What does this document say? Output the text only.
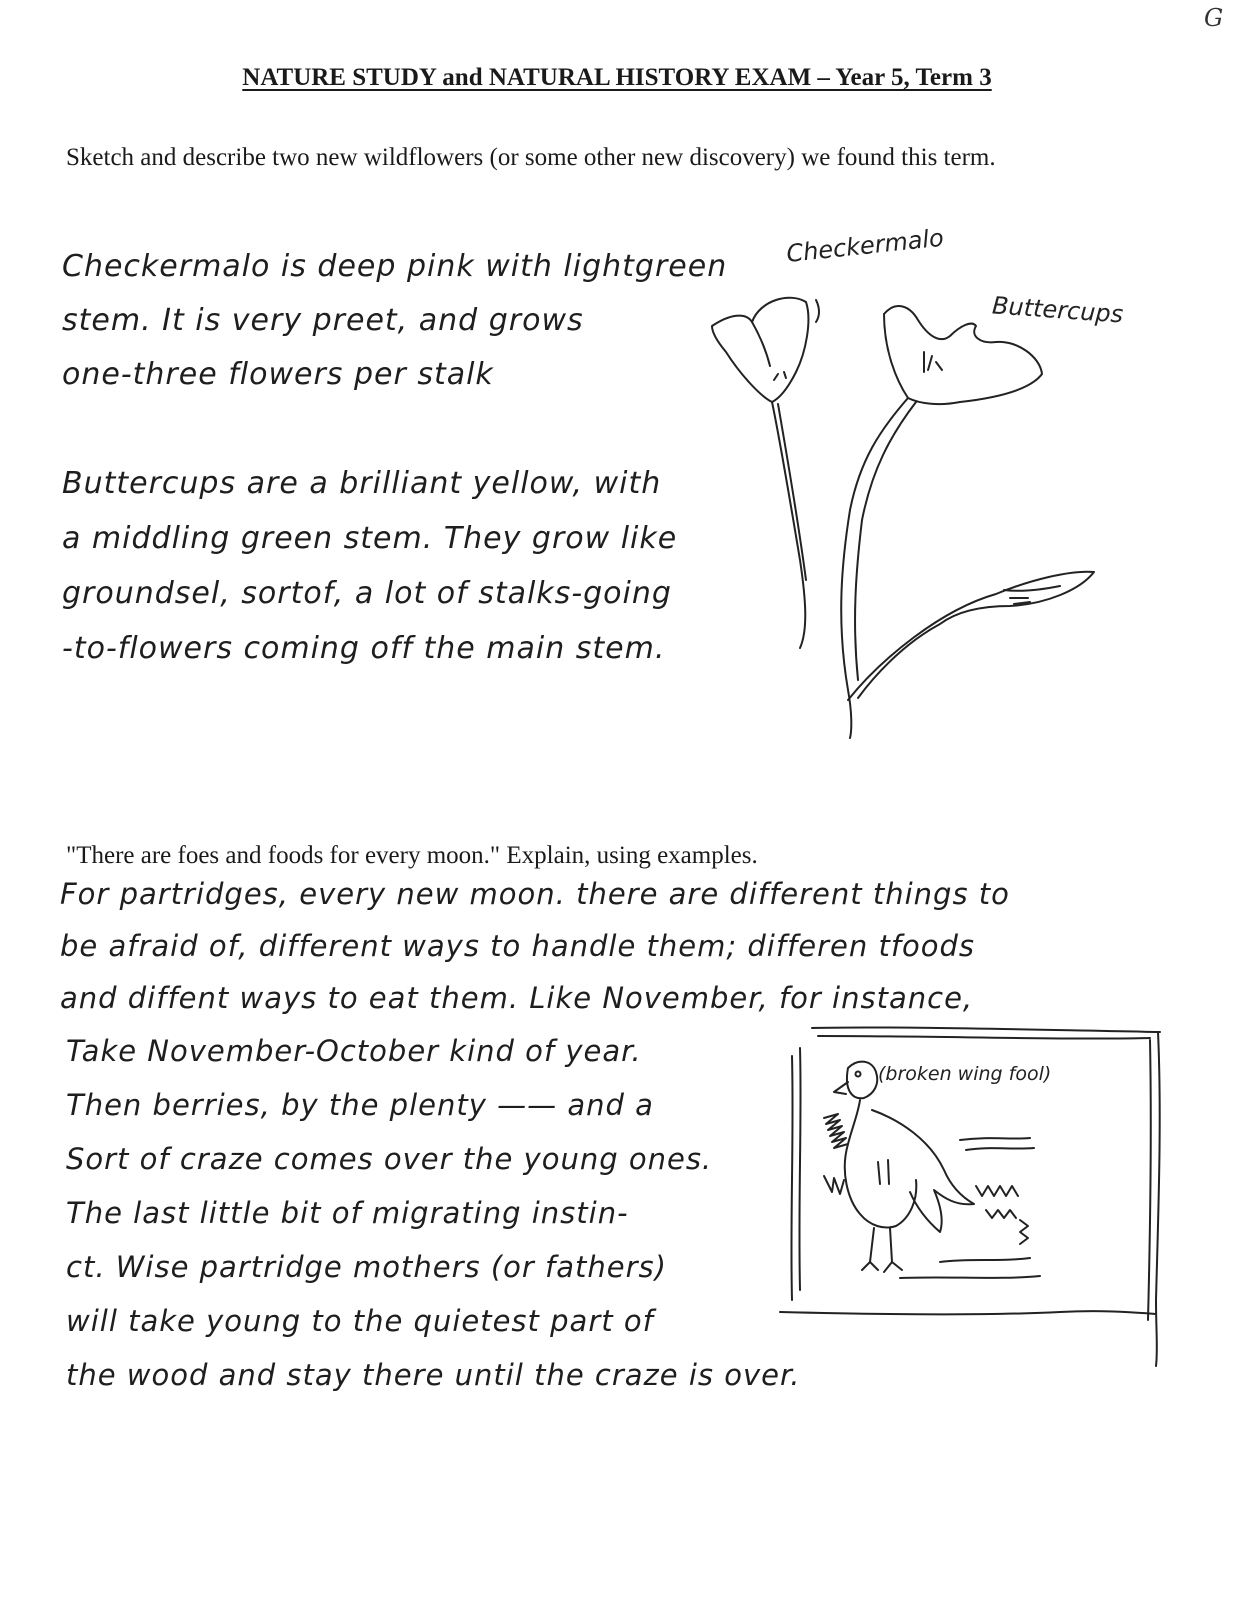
G
NATURE STUDY and NATURAL HISTORY EXAM – Year 5, Term 3
Sketch and describe two new wildflowers (or some other new discovery) we found this term.
Checkermalo is deep pink with lightgreen
stem. It is very preet, and grows
one-three flowers per stalk
Buttercups are a brilliant yellow, with
a middling green stem. They grow like
groundsel, sortof, a lot of stalks-going
-to-flowers coming off the main stem.
Checkermalo
Buttercups
"There are foes and foods for every moon." Explain, using examples.
For partridges, every new moon. there are different things to
be afraid of, different ways to handle them; differen tfoods
and diffent ways to eat them. Like November, for instance,
Take November-October kind of year.
Then berries, by the plenty —— and a
Sort of craze comes over the young ones.
The last little bit of migrating instin-
ct. Wise partridge mothers (or fathers)
will take young to the quietest part of
the wood and stay there until the craze is over.
(broken wing fool)
